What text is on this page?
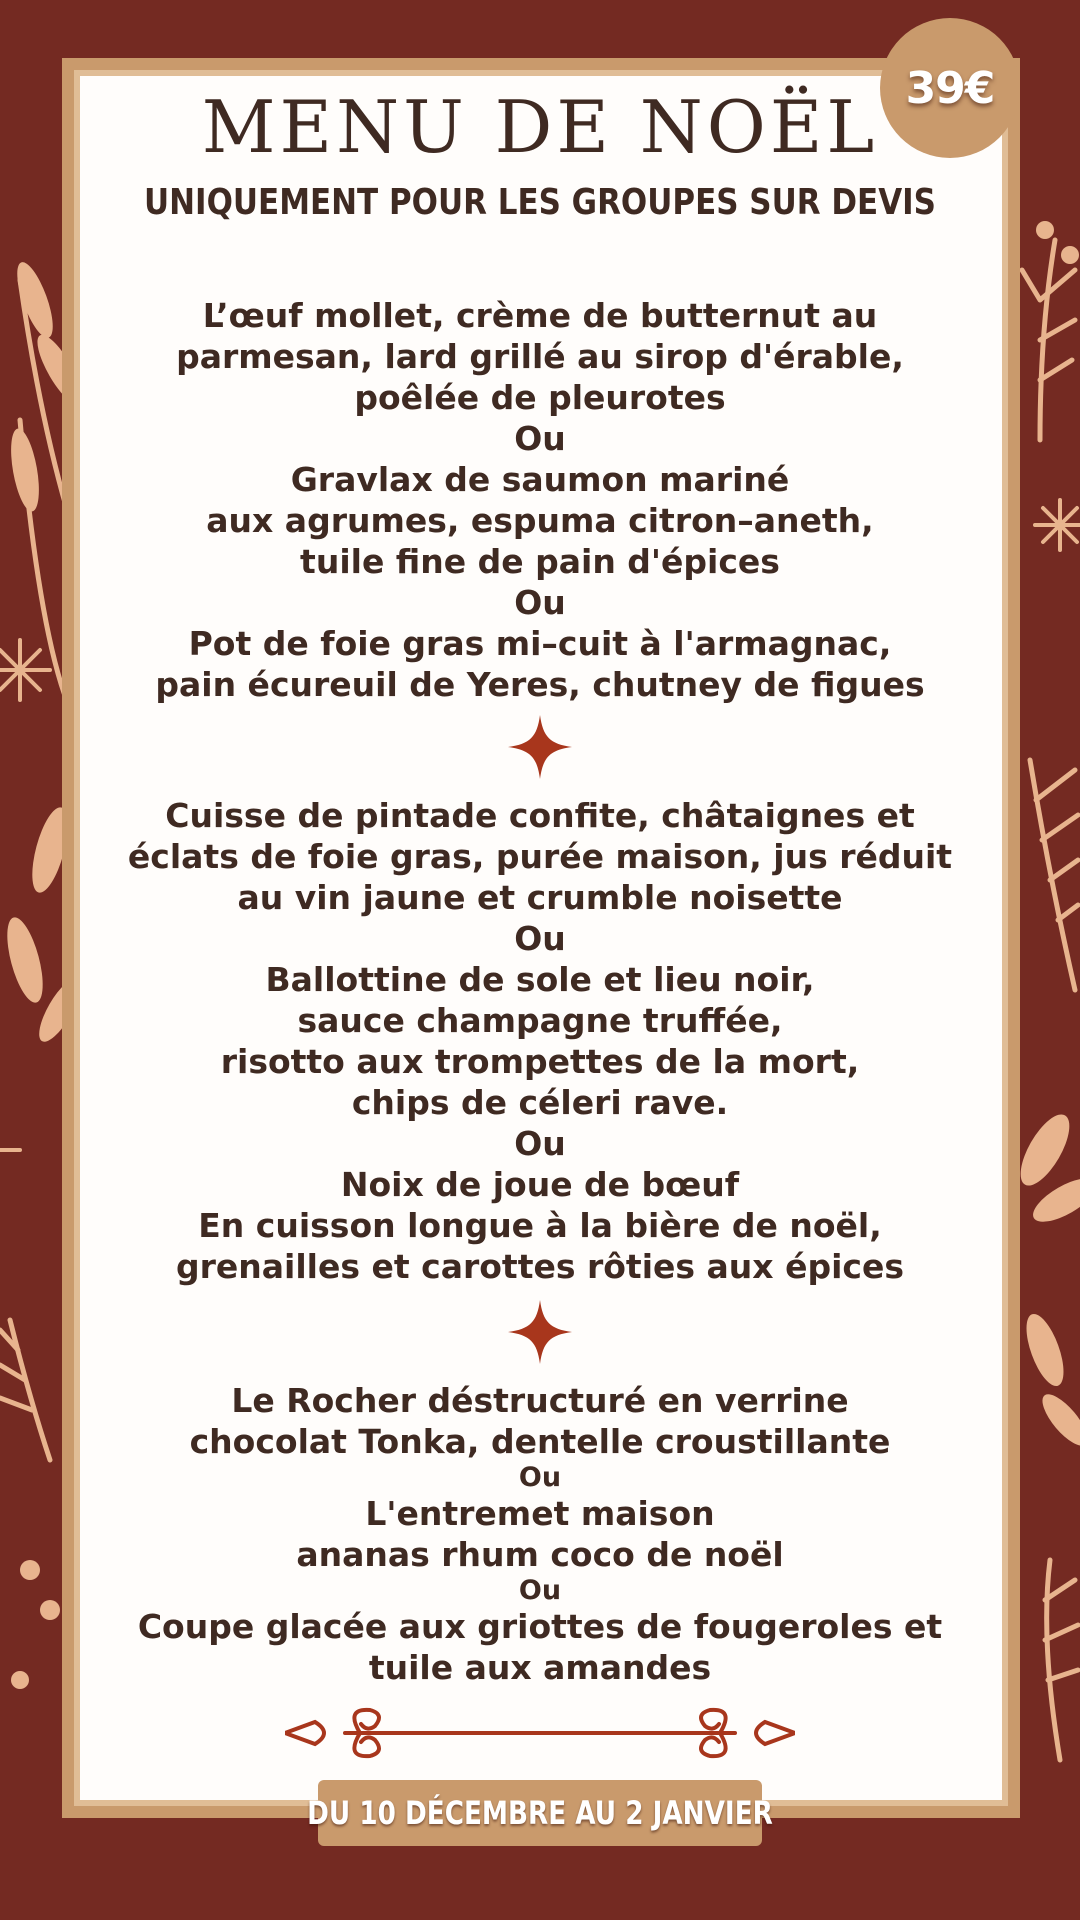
39€
MENU DE NOËL
UNIQUEMENT POUR LES GROUPES SUR DEVIS
L’œuf mollet, crème de butternut au
parmesan, lard grillé au sirop d'érable,
poêlée de pleurotes
Ou
Gravlax de saumon mariné
aux agrumes, espuma citron–aneth,
tuile fine de pain d'épices
Ou
Pot de foie gras mi–cuit à l'armagnac,
pain écureuil de Yeres, chutney de figues
Cuisse de pintade confite, châtaignes et
éclats de foie gras, purée maison, jus réduit
au vin jaune et crumble noisette
Ou
Ballottine de sole et lieu noir,
sauce champagne truffée,
risotto aux trompettes de la mort,
chips de céleri rave.
Ou
Noix de joue de bœuf
En cuisson longue à la bière de noël,
grenailles et carottes rôties aux épices
Le Rocher déstructuré en verrine
chocolat Tonka, dentelle croustillante
Ou
L'entremet maison
ananas rhum coco de noël
Ou
Coupe glacée aux griottes de fougeroles et
tuile aux amandes
DU 10 DÉCEMBRE AU 2 JANVIER
